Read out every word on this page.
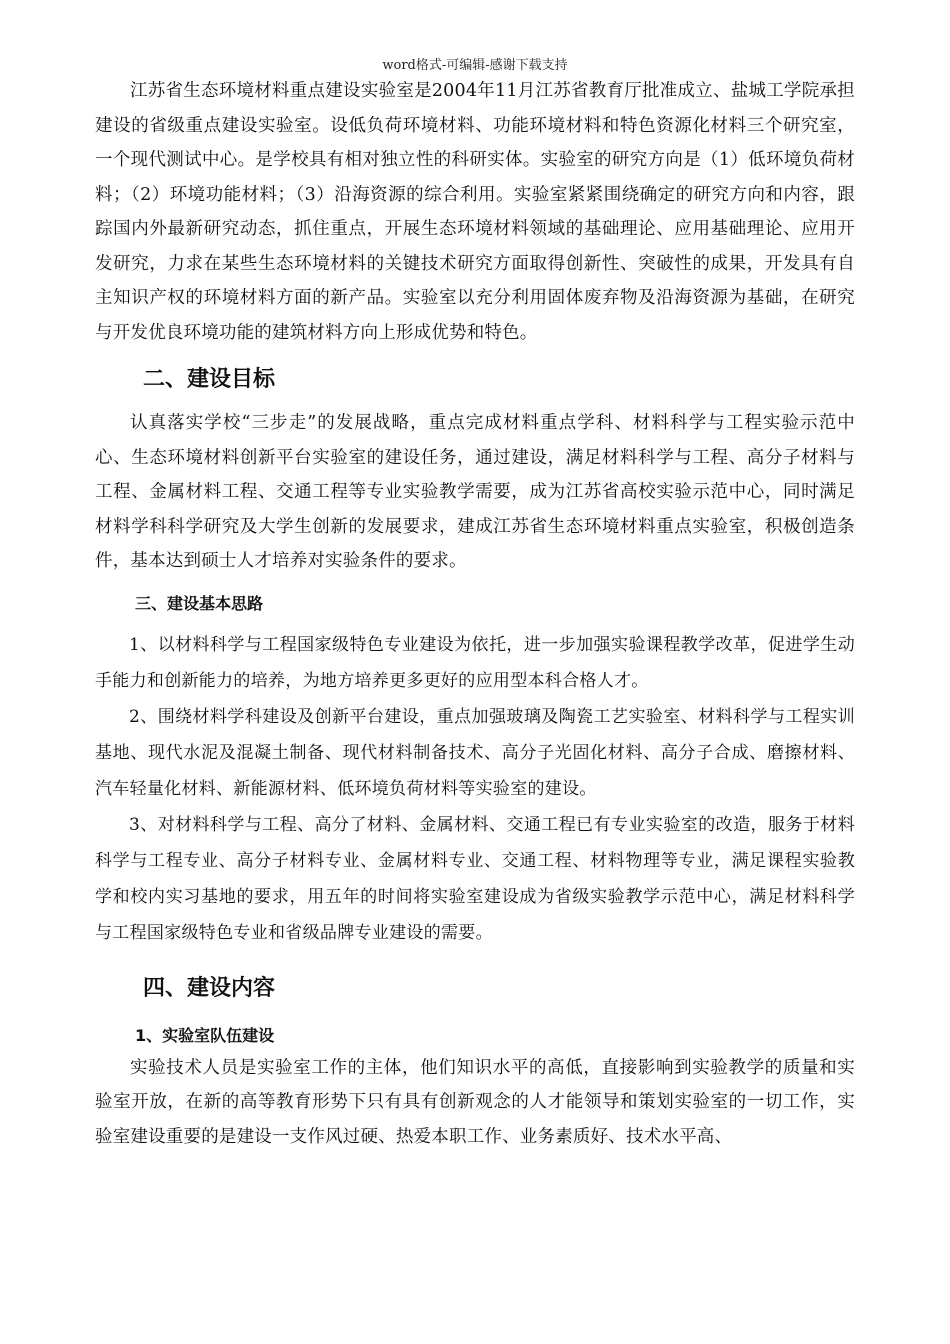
word格式-可编辑-感谢下载支持

江苏省生态环境材料重点建设实验室是2004年11月江苏省教育厅批准成立、盐城工学院承担建设的省级重点建设实验室。设低负荷环境材料、功能环境材料和特色资源化材料三个研究室，一个现代测试中心。是学校具有相对独立性的科研实体。实验室的研究方向是（1）低环境负荷材料；（2）环境功能材料；（3）沿海资源的综合利用。实验室紧紧围绕确定的研究方向和内容，跟踪国内外最新研究动态，抓住重点，开展生态环境材料领域的基础理论、应用基础理论、应用开发研究，力求在某些生态环境材料的关键技术研究方面取得创新性、突破性的成果，开发具有自主知识产权的环境材料方面的新产品。实验室以充分利用固体废弃物及沿海资源为基础，在研究与开发优良环境功能的建筑材料方向上形成优势和特色。

二、建设目标

认真落实学校“三步走”的发展战略，重点完成材料重点学科、材料科学与工程实验示范中心、生态环境材料创新平台实验室的建设任务，通过建设，满足材料科学与工程、高分子材料与工程、金属材料工程、交通工程等专业实验教学需要，成为江苏省高校实验示范中心，同时满足材料学科科学研究及大学生创新的发展要求，建成江苏省生态环境材料重点实验室，积极创造条件，基本达到硕士人才培养对实验条件的要求。

三、建设基本思路

1、以材料科学与工程国家级特色专业建设为依托，进一步加强实验课程教学改革，促进学生动手能力和创新能力的培养，为地方培养更多更好的应用型本科合格人才。

2、围绕材料学科建设及创新平台建设，重点加强玻璃及陶瓷工艺实验室、材料科学与工程实训基地、现代水泥及混凝土制备、现代材料制备技术、高分子光固化材料、高分子合成、磨擦材料、汽车轻量化材料、新能源材料、低环境负荷材料等实验室的建设。

3、对材料科学与工程、高分了材料、金属材料、交通工程已有专业实验室的改造，服务于材料科学与工程专业、高分子材料专业、金属材料专业、交通工程、材料物理等专业，满足课程实验教学和校内实习基地的要求，用五年的时间将实验室建设成为省级实验教学示范中心，满足材料科学与工程国家级特色专业和省级品牌专业建设的需要。

四、建设内容

1、实验室队伍建设

实验技术人员是实验室工作的主体，他们知识水平的高低，直接影响到实验教学的质量和实验室开放，在新的高等教育形势下只有具有创新观念的人才能领导和策划实验室的一切工作，实验室建设重要的是建设一支作风过硬、热爱本职工作、业务素质好、技术水平高、
